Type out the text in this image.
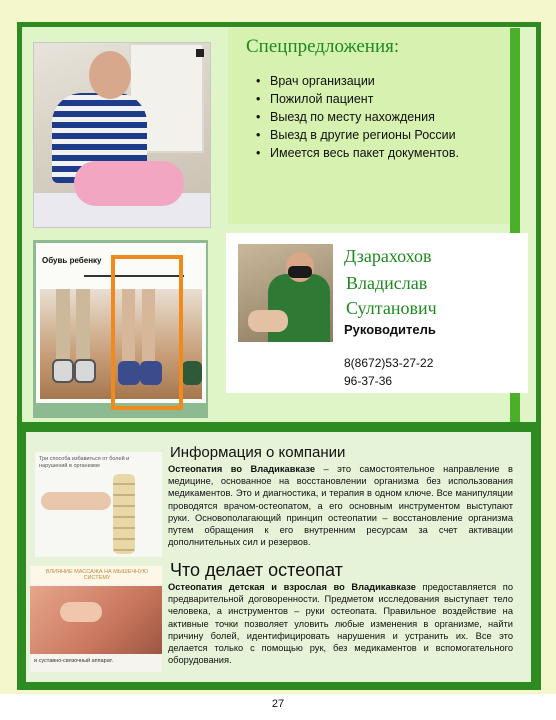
Спецпредложения:
• Врач организации
• Пожилой пациент
• Выезд по месту нахождения
• Выезд в другие регионы России
• Имеется весь пакет документов.
Обувь ребенку	Дзарахохов
Владислав
Султанович
Руководитель
8(8672)53-27-22
96-37-36
Три способа избавиться от болей и нарушений в организме
Информация о компании
Остеопатия во Владикавказе – это самостоятельное направление в медицине, основанное на восстановлении организма без использования медикаментов. Это и диагностика, и терапия в одном ключе. Все манипуляции проводятся врачом-остеопатом, а его основным инструментом выступают руки. Основополагающий принцип остеопатии – восстановление организма путем обращения к его внутренним ресурсам за счет активации дополнительных сил и резервов.
ВЛИЯНИЕ МАССАЖА НА МЫШЕЧНУЮ СИСТЕМУ
и суставно-связочный аппарат.
Что делает остеопат
Остеопатия детская и взрослая во Владикавказе предоставляется по предварительной договоренности. Предметом исследования выступает тело человека, а инструментов – руки остеопата. Правильное воздействие на активные точки позволяет уловить любые изменения в организме, найти причину болей, идентифицировать нарушения и устранить их. Все это делается только с помощью рук, без медикаментов и вспомогательного оборудования.
27
